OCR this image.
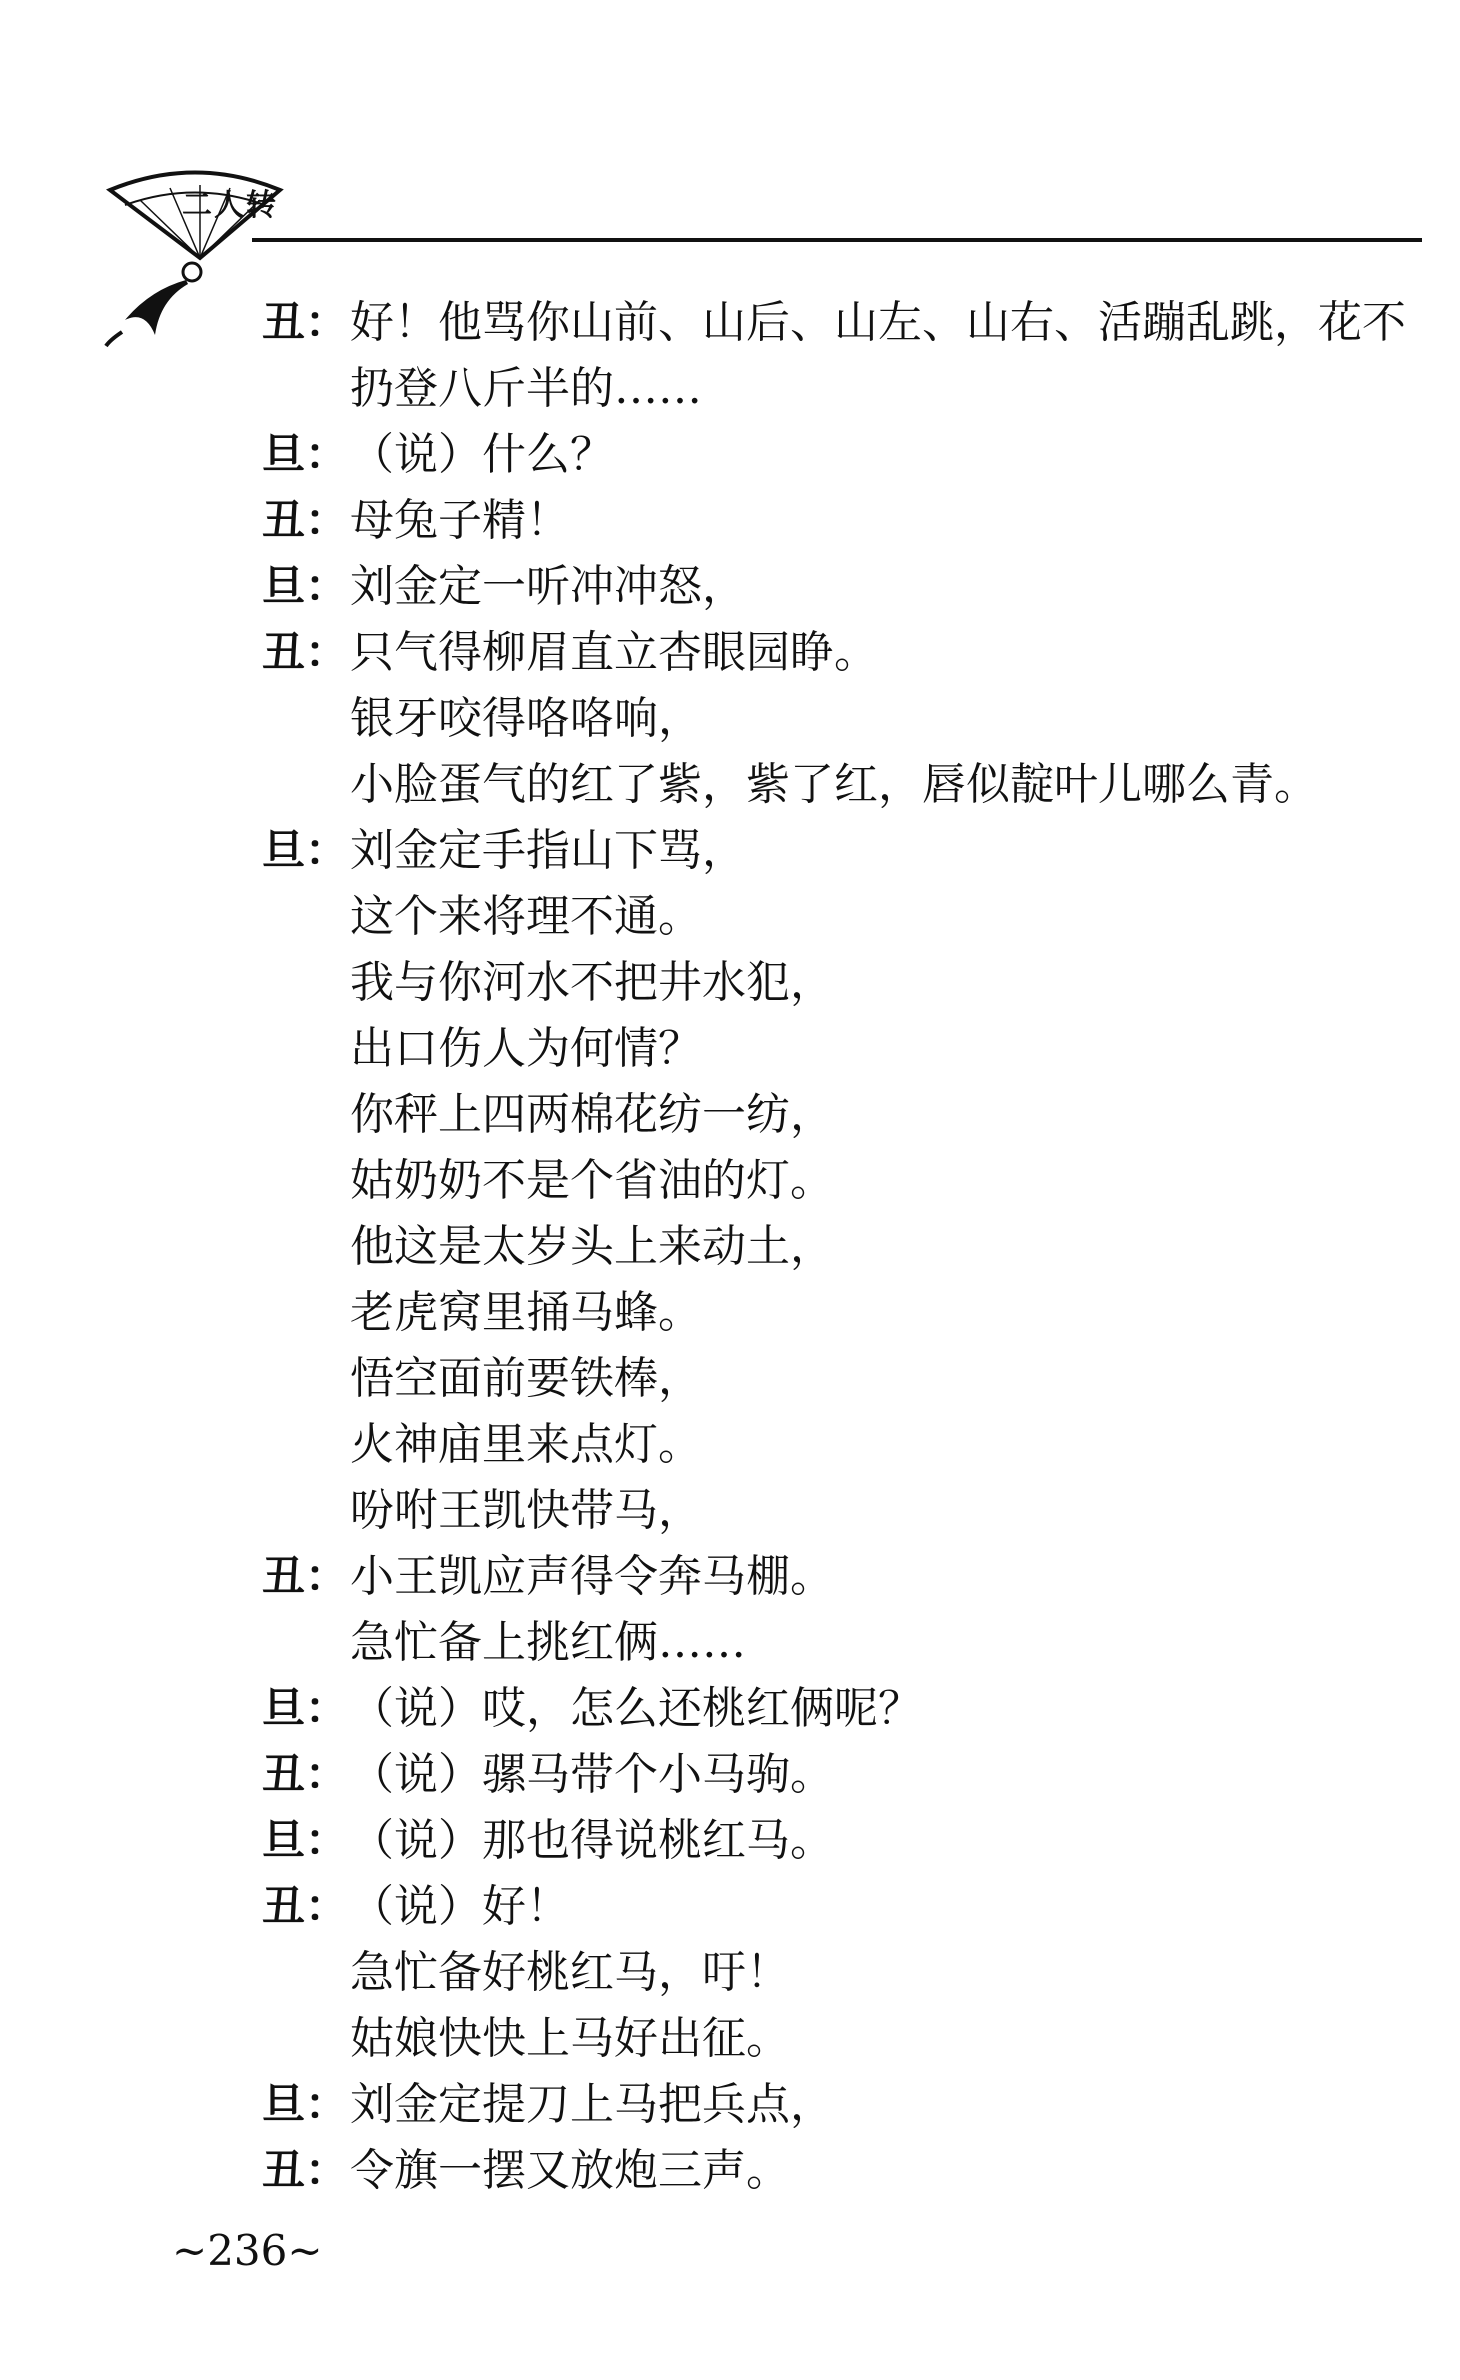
二人转
丑： 好！他骂你山前、山后、山左、山右、活蹦乱跳，花不
扔登八斤半的……
旦： （说）什么？
丑： 母兔子精！
旦： 刘金定一听冲冲怒，
丑： 只气得柳眉直立杏眼园睁。
银牙咬得咯咯响，
小脸蛋气的红了紫，紫了红，唇似靛叶儿哪么青。
旦： 刘金定手指山下骂，
这个来将理不通。
我与你河水不把井水犯，
出口伤人为何情？
你秤上四两棉花纺一纺，
姑奶奶不是个省油的灯。
他这是太岁头上来动土，
老虎窝里捅马蜂。
悟空面前要铁棒，
火神庙里来点灯。
吩咐王凯快带马，
丑： 小王凯应声得令奔马棚。
急忙备上挑红俩……
旦： （说）哎，怎么还桃红俩呢？
丑： （说）骡马带个小马驹。
旦： （说）那也得说桃红马。
丑： （说）好！
急忙备好桃红马，吁！
姑娘快快上马好出征。
旦： 刘金定提刀上马把兵点，
丑： 令旗一摆又放炮三声。
~236~
